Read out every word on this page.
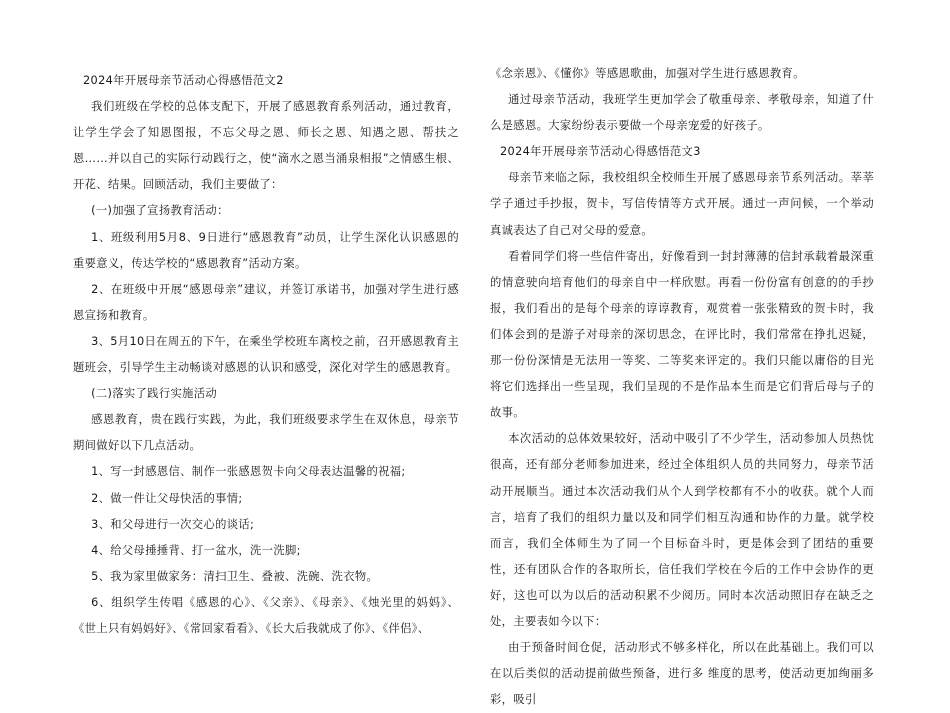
2024年开展母亲节活动心得感悟范文2

我们班级在学校的总体支配下，开展了感恩教育系列活动，通过教育，让学生学会了知恩图报，不忘父母之恩、师长之恩、知遇之恩、帮扶之恩……并以自己的实际行动践行之，使“滴水之恩当涌泉相报”之情感生根、开花、结果。回顾活动，我们主要做了：

(一)加强了宣扬教育活动：

1、班级利用5月8、9日进行“感恩教育”动员，让学生深化认识感恩的重要意义，传达学校的“感恩教育”活动方案。

2、在班级中开展“感恩母亲”建议，并签订承诺书，加强对学生进行感恩宣扬和教育。

3、5月10日在周五的下午，在乘坐学校班车离校之前，召开感恩教育主题班会，引导学生主动畅谈对感恩的认识和感受，深化对学生的感恩教育。

(二)落实了践行实施活动

感恩教育，贵在践行实践，为此，我们班级要求学生在双休息，母亲节期间做好以下几点活动。

1、写一封感恩信、制作一张感恩贺卡向父母表达温馨的祝福;

2、做一件让父母快活的事情;

3、和父母进行一次交心的谈话;

4、给父母捶捶背、打一盆水，洗一洗脚;

5、我为家里做家务：清扫卫生、叠被、洗碗、洗衣物。

6、组织学生传唱《感恩的心》、《父亲》、《母亲》、《烛光里的妈妈》、《世上只有妈妈好》、《常回家看看》、《长大后我就成了你》、《伴侣》、

《念亲恩》、《懂你》等感恩歌曲，加强对学生进行感恩教育。

通过母亲节活动，我班学生更加学会了敬重母亲、孝敬母亲，知道了什么是感恩。大家纷纷表示要做一个母亲宠爱的好孩子。

2024年开展母亲节活动心得感悟范文3

母亲节来临之际，我校组织全校师生开展了感恩母亲节系列活动。莘莘学子通过手抄报，贺卡，写信传情等方式开展。通过一声问候，一个举动真诚表达了自己对父母的爱意。

看着同学们将一些信件寄出，好像看到一封封薄薄的信封承载着最深重的情意驶向培育他们的母亲自中一样欣慰。再看一份份富有创意的的手抄报，我们看出的是每个母亲的谆谆教育，观赏着一张张精致的贺卡时，我们体会到的是游子对母亲的深切思念，在评比时，我们常常在挣扎迟疑，那一份份深情是无法用一等奖、二等奖来评定的。我们只能以庸俗的目光将它们选择出一些呈现，我们呈现的不是作品本生而是它们背后母与子的故事。

本次活动的总体效果较好，活动中吸引了不少学生，活动参加人员热忱很高，还有部分老师参加进来，经过全体组织人员的共同努力，母亲节活动开展顺当。通过本次活动我们从个人到学校都有不小的收获。就个人而言，培育了我们的组织力量以及和同学们相互沟通和协作的力量。就学校而言，我们全体师生为了同一个目标奋斗时，更是体会到了团结的重要性，还有团队合作的各取所长，信任我们学校在今后的工作中会协作的更好，这也可以为以后的活动积累不少阅历。同时本次活动照旧存在缺乏之处，主要表如今以下：

由于预备时间仓促，活动形式不够多样化，所以在此基础上。我们可以在以后类似的活动提前做些预备，进行多 维度的思考，使活动更加绚丽多彩，吸引
